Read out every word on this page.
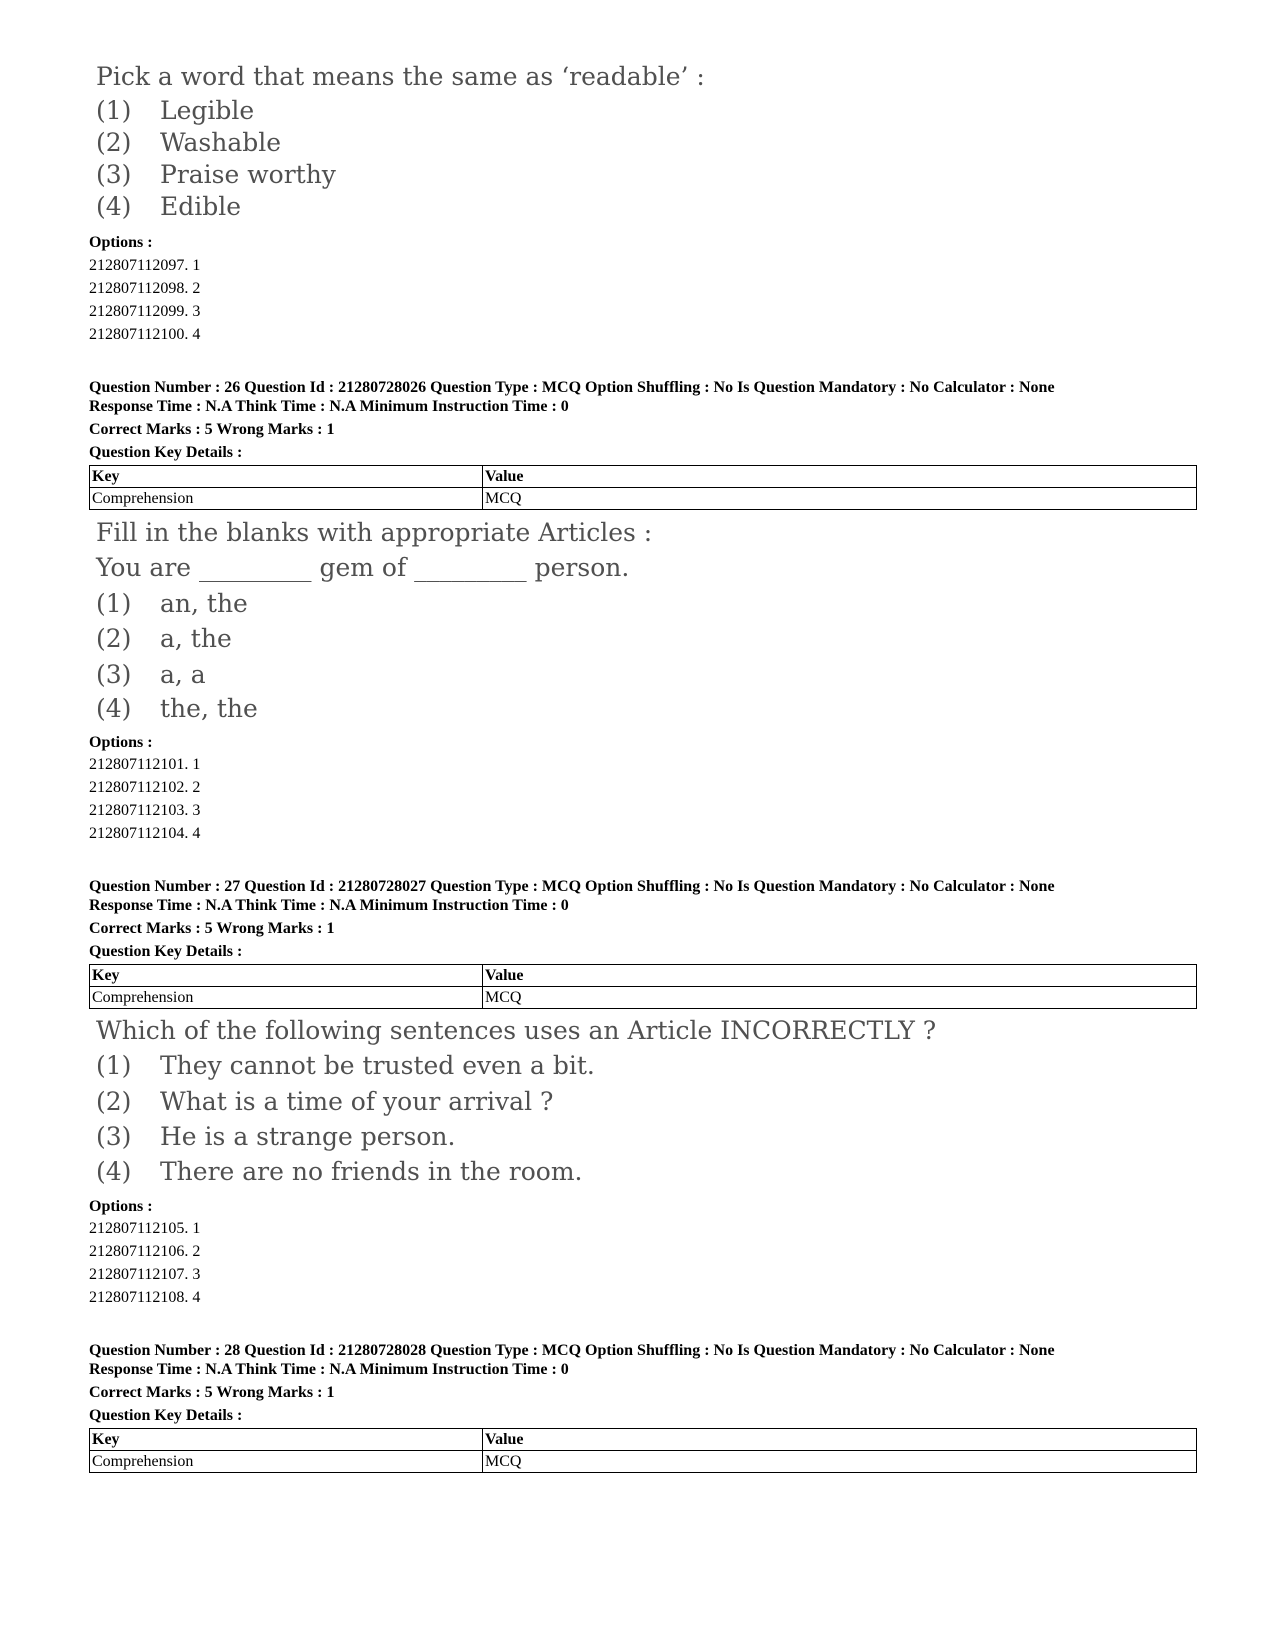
Pick a word that means the same as ‘readable’ :
(1) Legible
(2) Washable
(3) Praise worthy
(4) Edible
Options :
212807112097. 1
212807112098. 2
212807112099. 3
212807112100. 4
Question Number : 26 Question Id : 21280728026 Question Type : MCQ Option Shuffling : No Is Question Mandatory : No Calculator : None
Response Time : N.A Think Time : N.A Minimum Instruction Time : 0
Correct Marks : 5 Wrong Marks : 1
Question Key Details :
Key	Value
Comprehension	MCQ
Fill in the blanks with appropriate Articles :
You are _________ gem of _________ person.
(1) an, the
(2) a, the
(3) a, a
(4) the, the
Options :
212807112101. 1
212807112102. 2
212807112103. 3
212807112104. 4
Question Number : 27 Question Id : 21280728027 Question Type : MCQ Option Shuffling : No Is Question Mandatory : No Calculator : None
Response Time : N.A Think Time : N.A Minimum Instruction Time : 0
Correct Marks : 5 Wrong Marks : 1
Question Key Details :
Key	Value
Comprehension	MCQ
Which of the following sentences uses an Article INCORRECTLY ?
(1) They cannot be trusted even a bit.
(2) What is a time of your arrival ?
(3) He is a strange person.
(4) There are no friends in the room.
Options :
212807112105. 1
212807112106. 2
212807112107. 3
212807112108. 4
Question Number : 28 Question Id : 21280728028 Question Type : MCQ Option Shuffling : No Is Question Mandatory : No Calculator : None
Response Time : N.A Think Time : N.A Minimum Instruction Time : 0
Correct Marks : 5 Wrong Marks : 1
Question Key Details :
Key	Value
Comprehension	MCQ
